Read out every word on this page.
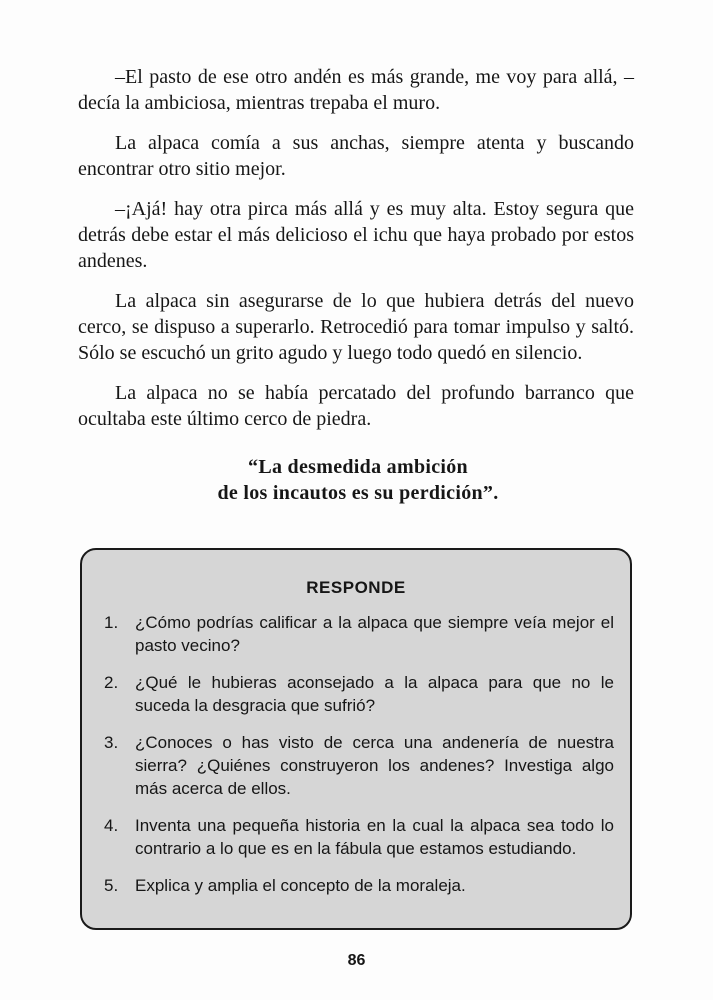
–El pasto de ese otro andén es más grande, me voy para allá, –decía la ambiciosa, mientras trepaba el muro.

La alpaca comía a sus anchas, siempre atenta y buscando encontrar otro sitio mejor.

–¡Ajá! hay otra pirca más allá y es muy alta. Estoy segura que detrás debe estar el más delicioso el ichu que haya probado por estos andenes.

La alpaca sin asegurarse de lo que hubiera detrás del nuevo cerco, se dispuso a superarlo. Retrocedió para tomar impulso y saltó. Sólo se escuchó un grito agudo y luego todo quedó en silencio.

La alpaca no se había percatado del profundo barranco que ocultaba este último cerco de piedra.

“La desmedida ambición
de los incautos es su perdición”.
RESPONDE
1. ¿Cómo podrías calificar a la alpaca que siempre veía mejor el pasto vecino?
2. ¿Qué le hubieras aconsejado a la alpaca para que no le suceda la desgracia que sufrió?
3. ¿Conoces o has visto de cerca una andenería de nuestra sierra? ¿Quiénes construyeron los andenes? Investiga algo más acerca de ellos.
4. Inventa una pequeña historia en la cual la alpaca sea todo lo contrario a lo que es en la fábula que estamos estudiando.
5. Explica y amplia el concepto de la moraleja.
86
